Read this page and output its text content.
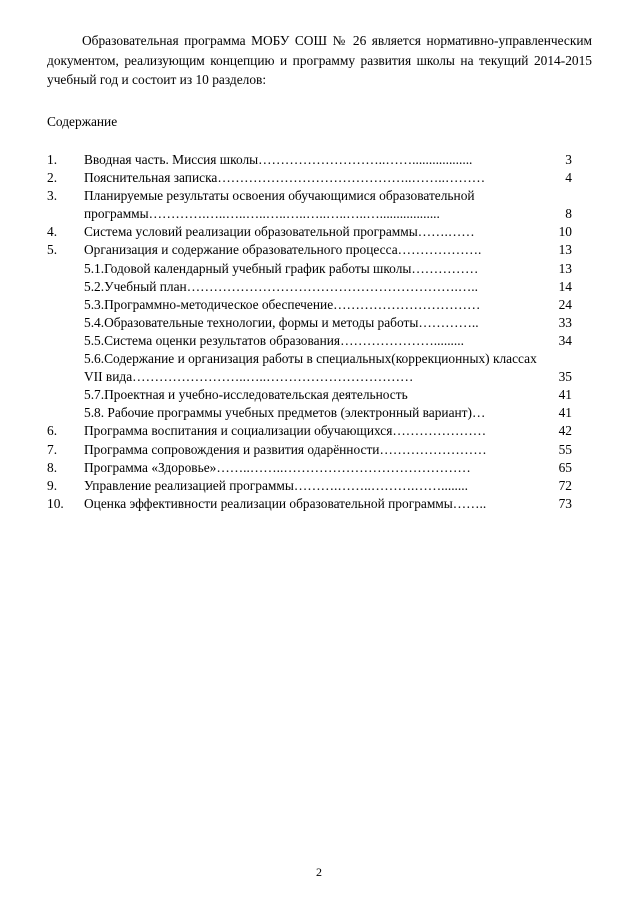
Образовательная программа МОБУ СОШ № 26 является нормативно-управленческим документом, реализующим концепцию и программу развития школы на текущий 2014-2015 учебный год и состоит из 10 разделов:

Содержание
1. Вводная часть. Миссия школы………………………..……..................	3
2. Пояснительная записка……………………………………..……..………	4
3. Планируемые результаты освоения обучающимися образовательной программы………….…..…..…..…..…..…..…..…..…..................	8
4. Система условий реализации образовательной программы…….……	10
5. Организация и содержание образовательного процесса……………….	13
5.1.Годовой календарный учебный график работы школы……………	13
5.2.Учебный план…………………………………………………….…..	14
5.3.Программно-методическое обеспечение……………………………	24
5.4.Образовательные технологии, формы и методы работы…………..	33
5.5.Система оценки результатов образования………………….........	34
5.6.Содержание и организация работы в специальных(коррекционных) классах VII вида……………………..…..……………………………	35
5.7.Проектная и учебно-исследовательская деятельность	41
5.8. Рабочие программы учебных предметов (электронный вариант)…	41
6. Программа воспитания и социализации обучающихся…………………	42
7. Программа сопровождения и развития одарённости……………………	55
8. Программа «Здоровье»……..……..……………………………………	65
9. Управление реализацией программы……….……..……….……........	72
10. Оценка эффективности реализации образовательной программы……..	73
2
